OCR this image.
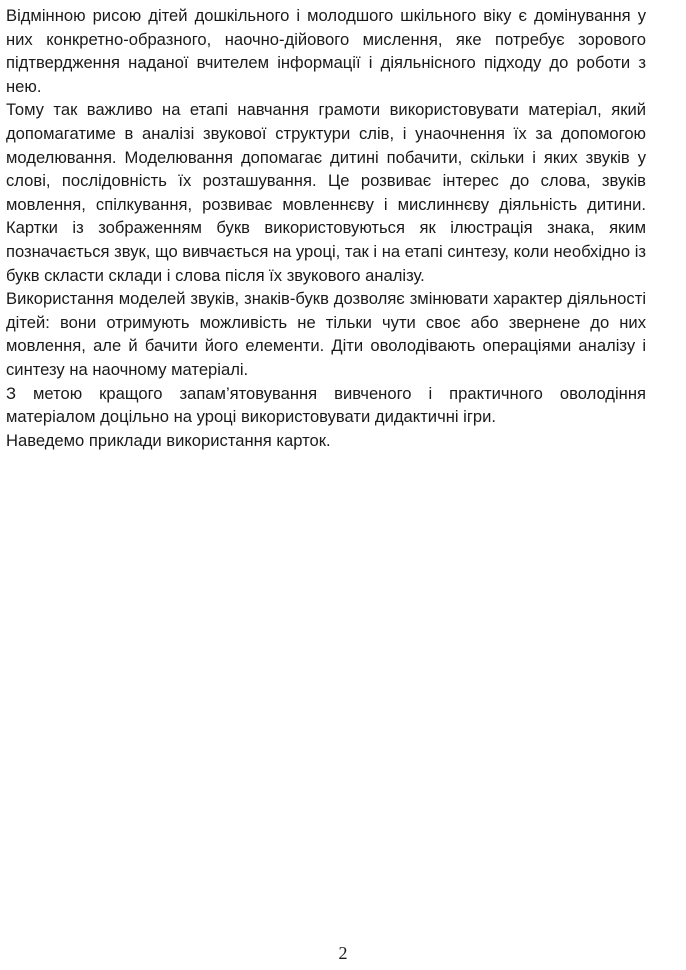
Відмінною рисою дітей дошкільного і молодшого шкільного віку є домінування у них конкретно-образного, наочно-дійового мислення, яке потребує зорового підтвердження наданої вчителем інформації і діяльнісного підходу до роботи з нею.

Тому так важливо на етапі навчання грамоти використовувати матеріал, який допомагатиме в аналізі звукової структури слів, і унаочнення їх за допомогою моделювання. Моделювання допомагає дитині побачити, скільки і яких звуків у слові, послідовність їх розташування. Це розвиває інтерес до слова, звуків мовлення, спілкування, розвиває мовленнєву і мислиннєву діяльність дитини. Картки із зображенням букв використовуються як ілюстрація знака, яким позначається звук, що вивчається на уроці, так і на етапі синтезу, коли необхідно із букв скласти склади і слова після їх звукового аналізу.

Використання моделей звуків, знаків-букв дозволяє змінювати характер діяльності дітей: вони отримують можливість не тільки чути своє або звернене до них мовлення, але й бачити його елементи. Діти оволодівають операціями аналізу і синтезу на наочному матеріалі.

З метою кращого запам’ятовування вивченого і практичного оволодіння матеріалом доцільно на уроці використовувати дидактичні ігри.

Наведемо приклади використання карток.

2
